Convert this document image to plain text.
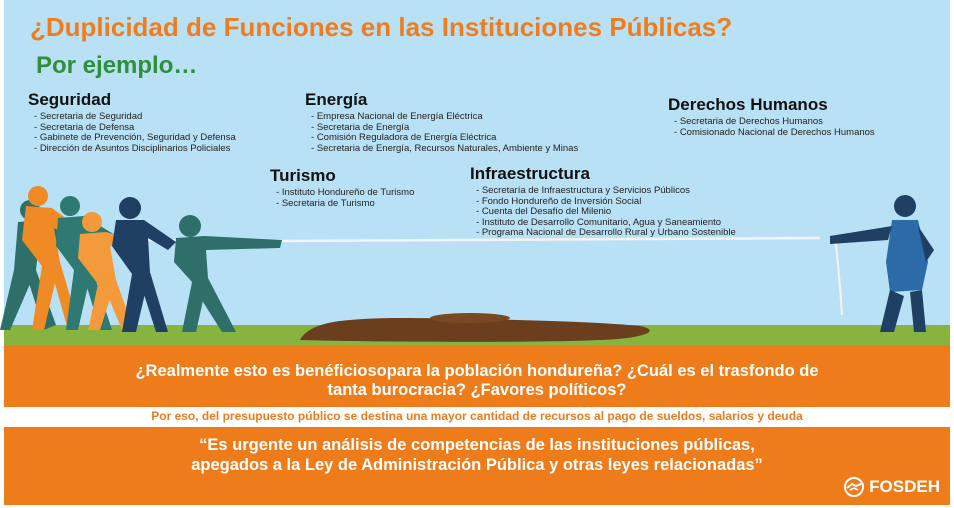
¿Duplicidad de Funciones en las Instituciones Públicas?
Por ejemplo…
Seguridad
- Secretaria de Seguridad
- Secretaria de Defensa
- Gabinete de Prevención, Seguridad y Defensa
- Dirección de Asuntos Disciplinarios Policiales
Energía
- Empresa Nacional de Energía Eléctrica
- Secretaria de Energía
- Comisión Reguladora de Energía Eléctrica
- Secretaria de Energía, Recursos Naturales, Ambiente y Minas
Derechos Humanos
- Secretaria de Derechos Humanos
- Comisionado Nacional de Derechos Humanos
Turismo
- Instituto Hondureño de Turismo
- Secretaria de Turismo
Infraestructura
- Secretaría de Infraestructura y Servicios Públicos
- Fondo Hondureño de Inversión Social
- Cuenta del Desafío del Milenio
- Instituto de Desarrollo Comunitario, Agua y Saneamiento
- Programa Nacional de Desarrollo Rural y Urbano Sostenible
¿Realmente esto es benéficiosopara la población hondureña? ¿Cuál es el trasfondo de
tanta burocracia? ¿Favores políticos?
Por eso, del presupuesto público se destina una mayor cantidad de recursos al pago de sueldos, salarios y deuda
“Es urgente un análisis de competencias de las instituciones públicas,
apegados a la Ley de Administración Pública y otras leyes relacionadas”
FOSDEH
